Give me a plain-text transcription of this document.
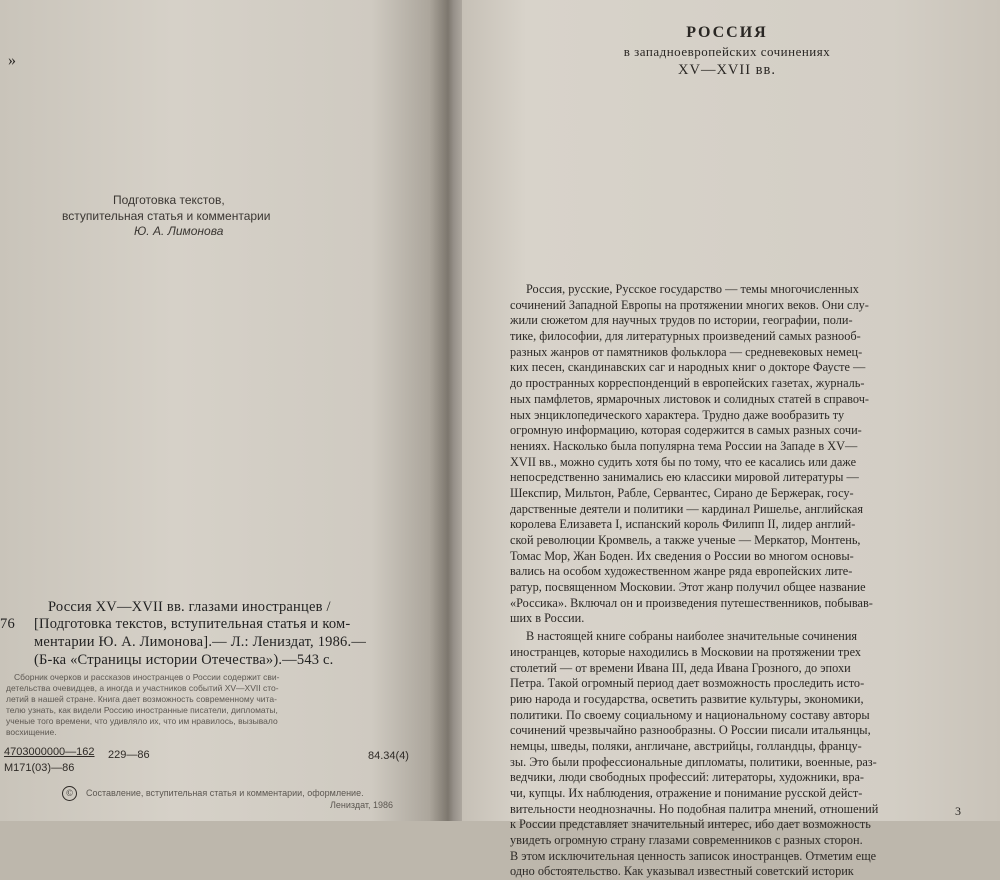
»
Подготовка текстов,
вступительная статья и комментарии
Ю. А. Лимонова
76
Россия XV—XVII вв. глазами иностранцев /
[Подготовка текстов, вступительная статья и ком-
ментарии Ю. А. Лимонова].— Л.: Лениздат, 1986.—
(Б-ка «Страницы истории Отечества»).—543 с.
Сборник очерков и рассказов иностранцев о России содержит сви-
детельства очевидцев, а иногда и участников событий XV—XVII сто-
летий в нашей стране. Книга дает возможность современному чита-
телю узнать, как видели Россию иностранные писатели, дипломаты,
ученые того времени, что удивляло их, что им нравилось, вызывало
восхищение.
4703000000—162 229—86
М171(03)—86
84.34(4)
©	Составление, вступительная статья и комментарии, оформление.
Лениздат, 1986
РОССИЯ
в западноевропейских сочинениях
XV—XVII вв.
Россия, русские, Русское государство — темы многочисленных
сочинений Западной Европы на протяжении многих веков. Они слу-
жили сюжетом для научных трудов по истории, географии, поли-
тике, философии, для литературных произведений самых разнооб-
разных жанров от памятников фольклора — средневековых немец-
ких песен, скандинавских саг и народных книг о докторе Фаусте —
до пространных корреспонденций в европейских газетах, журналь-
ных памфлетов, ярмарочных листовок и солидных статей в справоч-
ных энциклопедического характера. Трудно даже вообразить ту
огромную информацию, которая содержится в самых разных сочи-
нениях. Насколько была популярна тема России на Западе в XV—
XVII вв., можно судить хотя бы по тому, что ее касались или даже
непосредственно занимались ею классики мировой литературы —
Шекспир, Мильтон, Рабле, Сервантес, Сирано де Бержерак, госу-
дарственные деятели и политики — кардинал Ришелье, английская
королева Елизавета I, испанский король Филипп II, лидер англий-
ской революции Кромвель, а также ученые — Меркатор, Монтень,
Томас Мор, Жан Боден. Их сведения о России во многом основы-
вались на особом художественном жанре ряда европейских лите-
ратур, посвященном Московии. Этот жанр получил общее название
«Россика». Включал он и произведения путешественников, побывав-
ших в России.
В настоящей книге собраны наиболее значительные сочинения
иностранцев, которые находились в Московии на протяжении трех
столетий — от времени Ивана III, деда Ивана Грозного, до эпохи
Петра. Такой огромный период дает возможность проследить исто-
рию народа и государства, осветить развитие культуры, экономики,
политики. По своему социальному и национальному составу авторы
сочинений чрезвычайно разнообразны. О России писали итальянцы,
немцы, шведы, поляки, англичане, австрийцы, голландцы, францу-
зы. Это были профессиональные дипломаты, политики, военные, раз-
ведчики, люди свободных профессий: литераторы, художники, вра-
чи, купцы. Их наблюдения, отражение и понимание русской дейст-
вительности неоднозначны. Но подобная палитра мнений, отношений
к России представляет значительный интерес, ибо дает возможность
увидеть огромную страну глазами современников с разных сторон.
В этом исключительная ценность записок иностранцев. Отметим еще
одно обстоятельство. Как указывал известный советский историк
3
